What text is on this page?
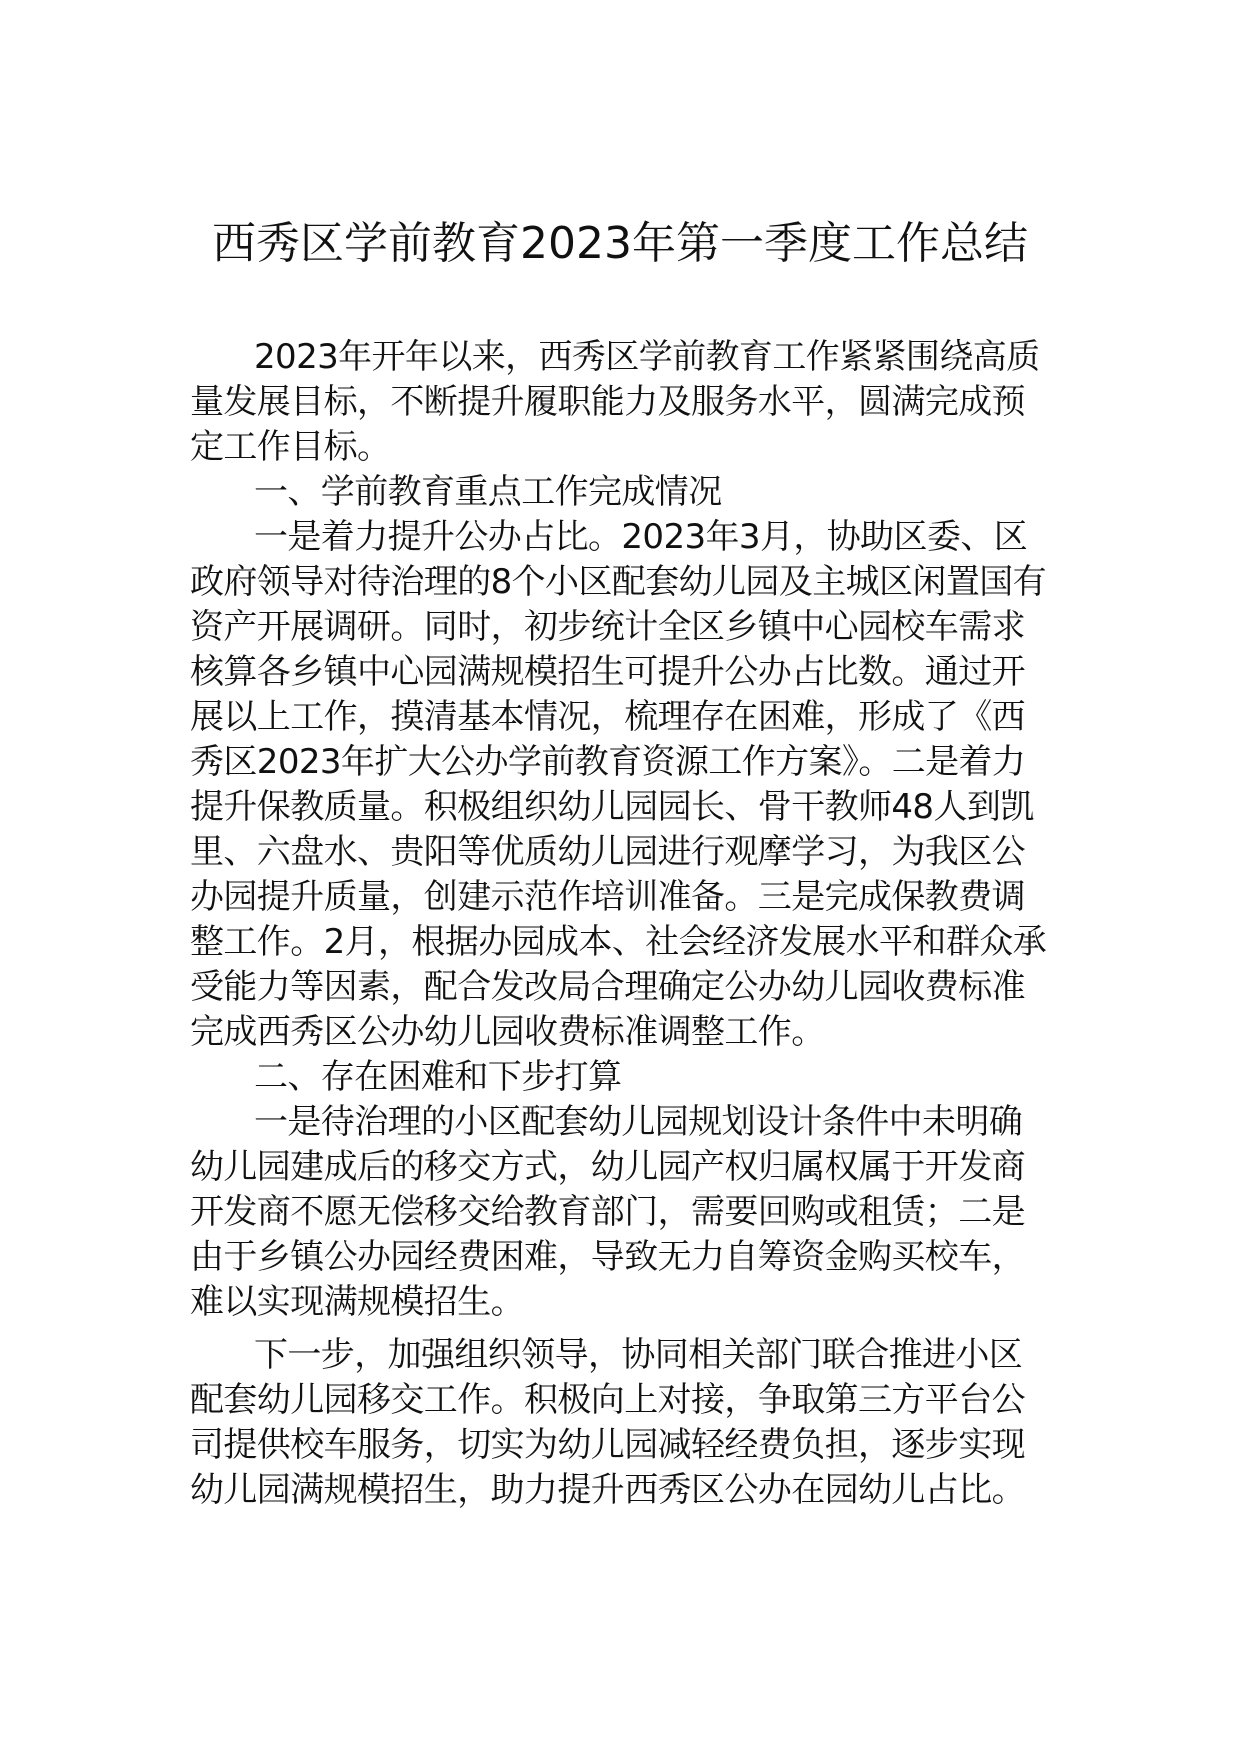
西秀区学前教育2023年第一季度工作总结
2023年开年以来，西秀区学前教育工作紧紧围绕高质
量发展目标，不断提升履职能力及服务水平，圆满完成预
定工作目标。
一、学前教育重点工作完成情况
一是着力提升公办占比。2023年3月，协助区委、区
政府领导对待治理的8个小区配套幼儿园及主城区闲置国有
资产开展调研。同时，初步统计全区乡镇中心园校车需求
核算各乡镇中心园满规模招生可提升公办占比数。通过开
展以上工作，摸清基本情况，梳理存在困难，形成了《西
秀区2023年扩大公办学前教育资源工作方案》。二是着力
提升保教质量。积极组织幼儿园园长、骨干教师48人到凯
里、六盘水、贵阳等优质幼儿园进行观摩学习，为我区公
办园提升质量，创建示范作培训准备。三是完成保教费调
整工作。2月，根据办园成本、社会经济发展水平和群众承
受能力等因素，配合发改局合理确定公办幼儿园收费标准
完成西秀区公办幼儿园收费标准调整工作。
二、存在困难和下步打算
一是待治理的小区配套幼儿园规划设计条件中未明确
幼儿园建成后的移交方式，幼儿园产权归属权属于开发商
开发商不愿无偿移交给教育部门，需要回购或租赁；二是
由于乡镇公办园经费困难，导致无力自筹资金购买校车，
难以实现满规模招生。
下一步，加强组织领导，协同相关部门联合推进小区
配套幼儿园移交工作。积极向上对接，争取第三方平台公
司提供校车服务，切实为幼儿园减轻经费负担，逐步实现
幼儿园满规模招生，助力提升西秀区公办在园幼儿占比。
